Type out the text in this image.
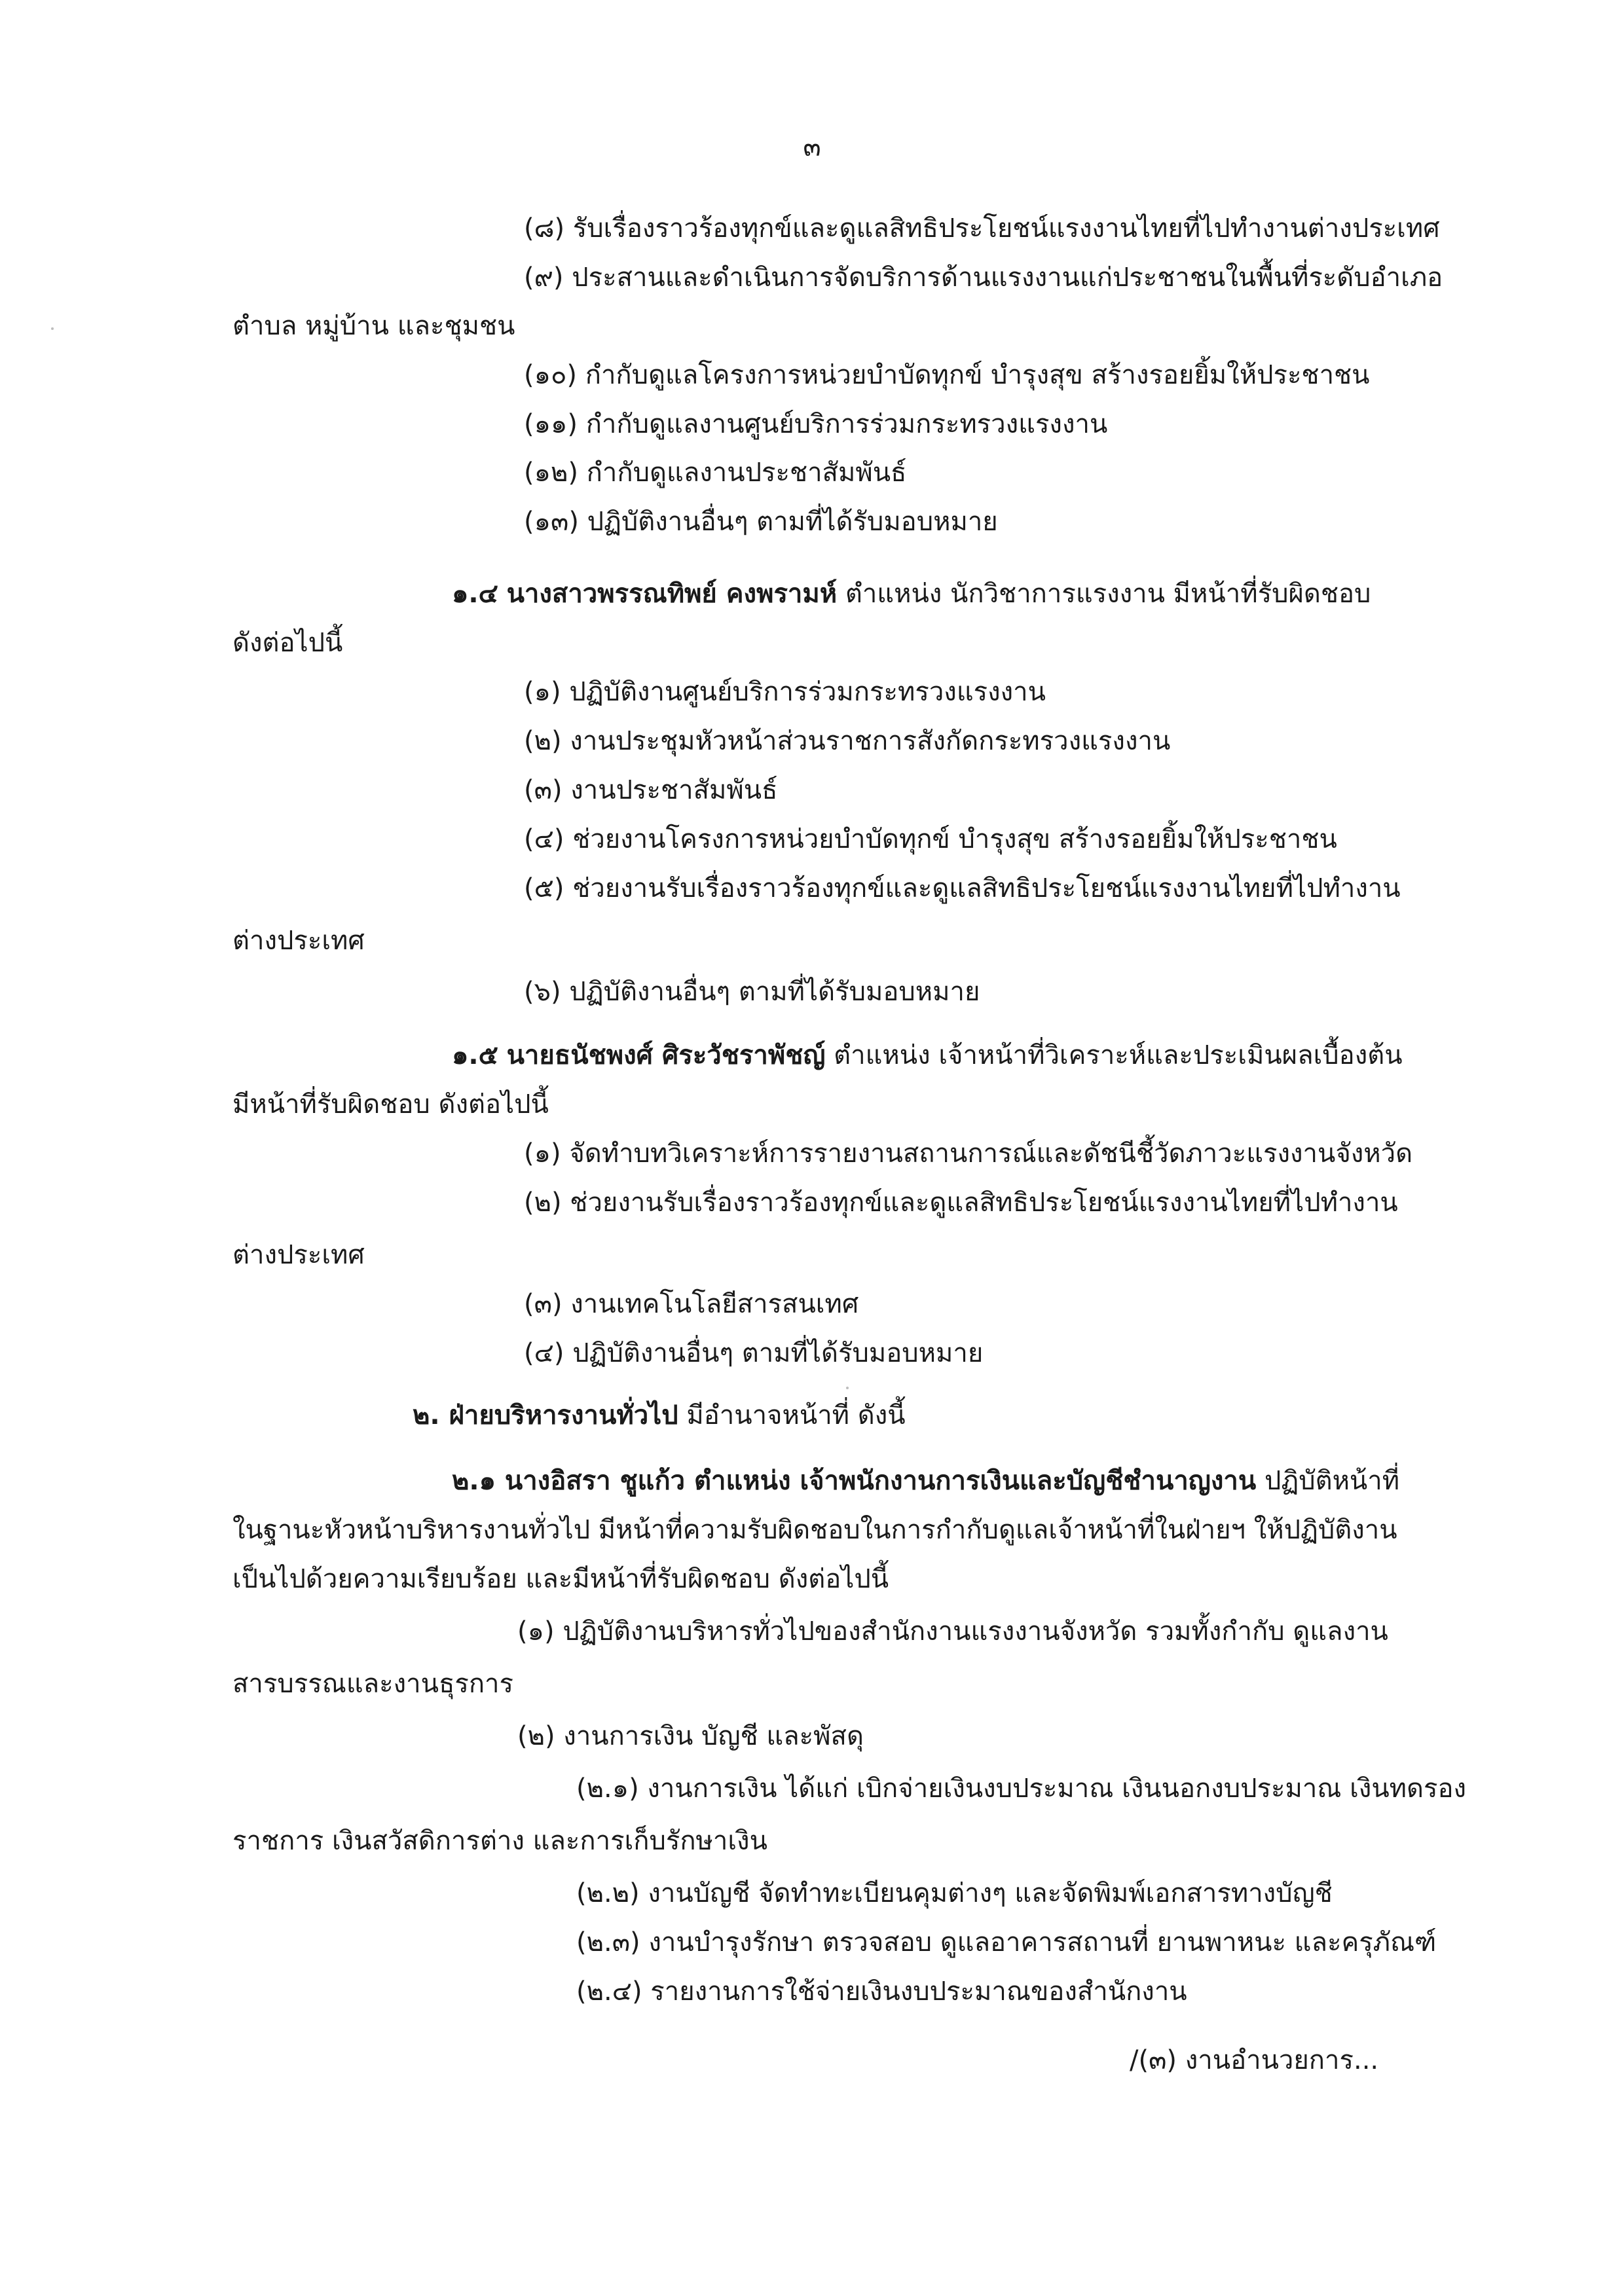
๓
(๘) รับเรื่องราวร้องทุกข์และดูแลสิทธิประโยชน์แรงงานไทยที่ไปทำงานต่างประเทศ
(๙) ประสานและดำเนินการจัดบริการด้านแรงงานแก่ประชาชนในพื้นที่ระดับอำเภอ
ตำบล หมู่บ้าน และชุมชน
(๑๐) กำกับดูแลโครงการหน่วยบำบัดทุกข์ บำรุงสุข สร้างรอยยิ้มให้ประชาชน
(๑๑) กำกับดูแลงานศูนย์บริการร่วมกระทรวงแรงงาน
(๑๒) กำกับดูแลงานประชาสัมพันธ์
(๑๓) ปฏิบัติงานอื่นๆ ตามที่ได้รับมอบหมาย
๑.๔ นางสาวพรรณทิพย์ คงพรามห์ ตำแหน่ง นักวิชาการแรงงาน มีหน้าที่รับผิดชอบ
ดังต่อไปนี้
(๑) ปฏิบัติงานศูนย์บริการร่วมกระทรวงแรงงาน
(๒) งานประชุมหัวหน้าส่วนราชการสังกัดกระทรวงแรงงาน
(๓) งานประชาสัมพันธ์
(๔) ช่วยงานโครงการหน่วยบำบัดทุกข์ บำรุงสุข สร้างรอยยิ้มให้ประชาชน
(๕) ช่วยงานรับเรื่องราวร้องทุกข์และดูแลสิทธิประโยชน์แรงงานไทยที่ไปทำงาน
ต่างประเทศ
(๖) ปฏิบัติงานอื่นๆ ตามที่ได้รับมอบหมาย
๑.๕ นายธนัชพงศ์ ศิระวัชราพัชญ์ ตำแหน่ง เจ้าหน้าที่วิเคราะห์และประเมินผลเบื้องต้น
มีหน้าที่รับผิดชอบ ดังต่อไปนี้
(๑) จัดทำบทวิเคราะห์การรายงานสถานการณ์และดัชนีชี้วัดภาวะแรงงานจังหวัด
(๒) ช่วยงานรับเรื่องราวร้องทุกข์และดูแลสิทธิประโยชน์แรงงานไทยที่ไปทำงาน
ต่างประเทศ
(๓) งานเทคโนโลยีสารสนเทศ
(๔) ปฏิบัติงานอื่นๆ ตามที่ได้รับมอบหมาย
๒. ฝ่ายบริหารงานทั่วไป มีอำนาจหน้าที่ ดังนี้
๒.๑ นางอิสรา ชูแก้ว ตำแหน่ง เจ้าพนักงานการเงินและบัญชีชำนาญงาน ปฏิบัติหน้าที่
ในฐานะหัวหน้าบริหารงานทั่วไป มีหน้าที่ความรับผิดชอบในการกำกับดูแลเจ้าหน้าที่ในฝ่ายฯ ให้ปฏิบัติงาน
เป็นไปด้วยความเรียบร้อย และมีหน้าที่รับผิดชอบ ดังต่อไปนี้
(๑) ปฏิบัติงานบริหารทั่วไปของสำนักงานแรงงานจังหวัด รวมทั้งกำกับ ดูแลงาน
สารบรรณและงานธุรการ
(๒) งานการเงิน บัญชี และพัสดุ
(๒.๑) งานการเงิน ได้แก่ เบิกจ่ายเงินงบประมาณ เงินนอกงบประมาณ เงินทดรอง
ราชการ เงินสวัสดิการต่าง และการเก็บรักษาเงิน
(๒.๒) งานบัญชี จัดทำทะเบียนคุมต่างๆ และจัดพิมพ์เอกสารทางบัญชี
(๒.๓) งานบำรุงรักษา ตรวจสอบ ดูแลอาคารสถานที่ ยานพาหนะ และครุภัณฑ์
(๒.๔) รายงานการใช้จ่ายเงินงบประมาณของสำนักงาน
/(๓) งานอำนวยการ...
